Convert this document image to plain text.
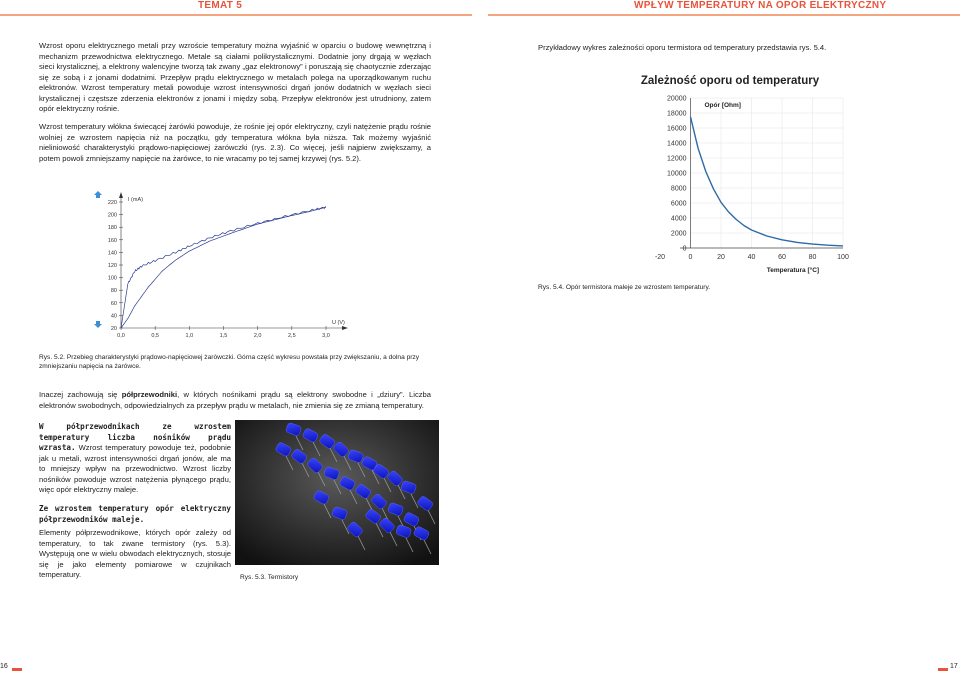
TEMAT 5	WPŁYW TEMPERATURY NA OPÓR ELEKTRYCZNY
Wzrost oporu elektrycznego metali przy wzroście temperatury można wyjaśnić w oparciu o budowę wewnętrzną i mechanizm przewodnictwa elektrycznego. Metale są ciałami polikrystalicznymi. Dodatnie jony drgają w węzłach sieci krystalicznej, a elektrony walencyjne tworzą tak zwany „gaz elektronowy” i poruszają się chaotycznie zderzając się ze sobą i z jonami dodatnimi. Przepływ prądu elektrycznego w metalach polega na uporządkowanym ruchu elektronów. Wzrost temperatury metali powoduje wzrost intensywności drgań jonów dodatnich w węzłach sieci krystalicznej i częstsze zderzenia elektronów z jonami i między sobą. Przepływ elektronów jest utrudniony, zatem opór elektryczny rośnie.
Wzrost temperatury włókna świecącej żarówki powoduje, że rośnie jej opór elektryczny, czyli natężenie prądu rośnie wolniej ze wzrostem napięcia niż na początku, gdy temperatura włókna była niższa. Tak możemy wyjaśnić nieliniowość charakterystyki prądowo-napięciowej żarówczki (rys. 2.3). Co więcej, jeśli najpierw zwiększamy, a potem powoli zmniejszamy napięcie na żarówce, to nie wracamy po tej samej krzywej (rys. 5.2).
20
40
60
80
100
120
140
160
180
200
220
0,0	0,5	1,0	1,5	2,0	2,5	3,0
I (mA)
U (V)
Rys. 5.2. Przebieg charakterystyki prądowo-napięciowej żarówczki. Górna część wykresu powstała przy zwiększaniu, a dolna przy zmniejszaniu napięcia na żarówce.
Inaczej zachowują się półprzewodniki, w których nośnikami prądu są elektrony swobodne i „dziury”. Liczba elektronów swobodnych, odpowiedzialnych za przepływ prądu w metalach, nie zmienia się ze zmianą temperatury.
W półprzewodnikach ze wzrostem temperatury liczba nośników prądu wzrasta. Wzrost temperatury powoduje też, podobnie jak u metali, wzrost intensywności drgań jonów, ale ma to mniejszy wpływ na przewodnictwo. Wzrost liczby nośników powoduje wzrost natężenia płynącego prądu, więc opór elektryczny maleje.
Ze wzrostem temperatury opór elektryczny półprzewodników maleje.
Elementy półprzewodnikowe, których opór zależy od temperatury, to tak zwane termistory (rys. 5.3). Występują one w wielu obwodach elektrycznych, stosuje się je jako elementy pomiarowe w czujnikach temperatury.	Rys. 5.3. Termistory
16
Przykładowy wykres zależności oporu termistora od temperatury przedstawia rys. 5.4.
Zależność oporu od temperatury
0
2000
4000
6000
8000
10000
12000
14000
16000
18000
20000
-20	0	20	40	60	80	100
Opór [Ohm]
Temperatura [°C]
Rys. 5.4. Opór termistora maleje ze wzrostem temperatury.
17
